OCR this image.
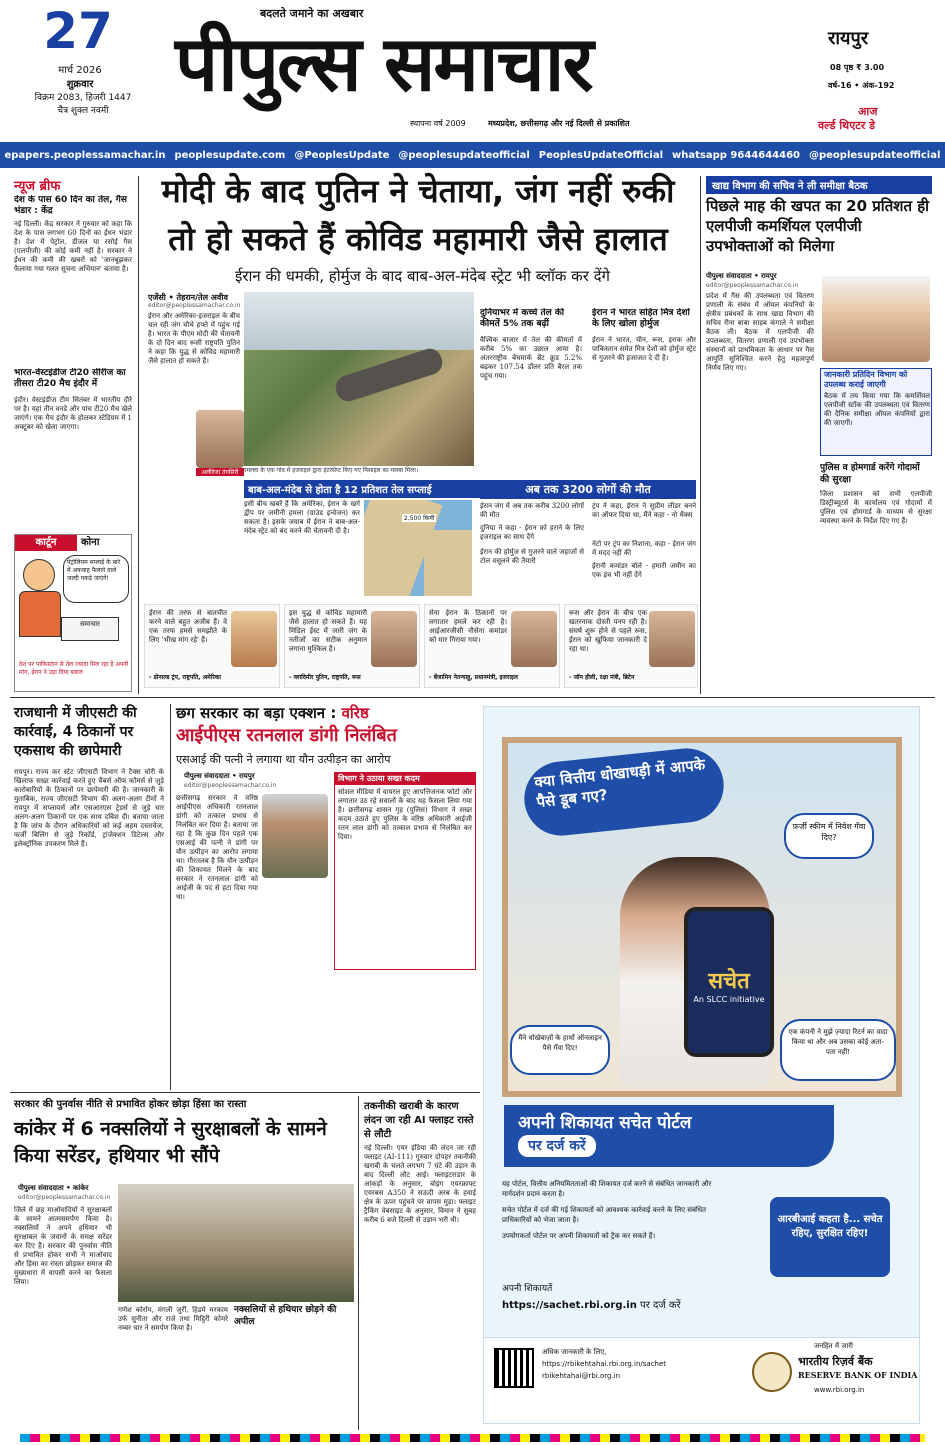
27
मार्च 2026
शुक्रवार
विक्रम 2083, हिजरी 1447
चैत्र शुक्ल नवमी
बदलते जमाने का अखबार
पीपुल्स समाचार
स्थापना वर्ष 2009	मध्यप्रदेश, छत्तीसगढ़ और नई दिल्ली से प्रकाशित
रायपुर
08 पृष्ठ ₹ 3.00
वर्ष-16 • अंक-192
आज
वर्ल्ड थिएटर डे
epapers.peoplessamachar.in peoplesupdate.com @PeoplesUpdate @peoplesupdateofficial PeoplesUpdateOfficial whatsapp 9644644460 @peoplesupdateofficial
न्यूज ब्रीफ
देश के पास 60 दिन का तेल, गैस भंडार : केंद्र
नई दिल्ली। केंद्र सरकार ने गुरुवार को कहा कि देश के पास लगभग 60 दिनों का ईंधन भंडार है। देश में पेट्रोल, डीजल या रसोई गैस (एलपीजी) की कोई कमी नहीं है। सरकार ने ईंधन की कमी की खबरों को 'जानबूझकर फैलाया गया गलत सूचना अभियान' बताया है।
भारत-वेस्टइंडीज टी20 सीरीज का तीसरा टी20 मैच इंदौर में
इंदौर। वेस्टइंडीज टीम सितंबर में भारतीय दौरे पर है। यहां तीन वनडे और पांच टी20 मैच खेले जाएंगे। एक मैच इंदौर के होलकर स्टेडियम में 1 अक्टूबर को खेला जाएगा।
कार्टून	कोना
पेट्रोलियम सप्लाई के बारे में अफवाह फैलाने वाले जल्दी पकड़े जाएंगे!
समाचार
देश पर पाकिस्तान से तेल ज्यादा मिल रहा है अपनी मांग, ईरान ने उड़ा दिया बवाल
मोदी के बाद पुतिन ने चेताया, जंग नहीं रुकी
तो हो सकते हैं कोविड महामारी जैसे हालात
ईरान की धमकी, होर्मुज के बाद बाब-अल-मंदेब स्ट्रेट भी ब्लॉक कर देंगे
एजेंसी • तेहरान/तेल अवीव
editor@peoplessamachar.co.in
ईरान और अमेरिका-इजराइल के बीच चल रही जंग चौथे हफ्ते में पहुंच गई है। भारत के पीएम मोदी की चेतावनी के दो दिन बाद रूसी राष्ट्रपति पुतिन ने कहा कि युद्ध से कोविड महामारी जैसे हालात हो सकते हैं।
अलीरेजा तंगसिरी रमल्ला के एक गांव में इजराइल द्वारा इंटरसेप्ट किए गए मिसाइल का मलबा मिला।
दुनियाभर में कच्चे तेल की कीमतें 5% तक बढ़ीं
वैश्विक बाजार में तेल की कीमतों में करीब 5% का उछाल आया है। अंतरराष्ट्रीय बेंचमार्क ब्रेंट क्रूड 5.2% बढ़कर 107.54 डॉलर प्रति बैरल तक पहुंच गया।
ईरान ने भारत सहित मित्र देशों के लिए खोला होर्मुज
ईरान ने भारत, चीन, रूस, इराक और पाकिस्तान समेत मित्र देशों को होर्मुज स्ट्रेट से गुजरने की इजाजत दे दी है।
बाब-अल-मंदेब से होता है 12 प्रतिशत तेल सप्लाई
इसी बीच खबरें हैं कि अमेरिका, ईरान के खर्ग द्वीप पर जमीनी हमला (ग्राउंड इन्वेजन) कर सकता है। इसके जवाब में ईरान ने बाब-अल-मंदेब स्ट्रेट को बंद करने की चेतावनी दी है।
2,500 किमी
अब तक 3200 लोगों की मौत
ईरान जंग में अब तक करीब 3200 लोगों की मौत
दुनिया ने कहा - ईरान को हराने के लिए इजराइल का साथ देंगे
ईरान की होर्मुज से गुजरने वाले जहाजों से टोल वसूलने की तैयारी
ट्रंप ने कहा, ईरान ने सुप्रीम लीडर बनने का ऑफर दिया था, मैंने कहा - नो थैंक्स
नेटो पर ट्रंप का निशाना, कहा - ईरान जंग में मदद नहीं की
ईरानी कमांडर बोले - हमारी जमीन का एक इंच भी नहीं देंगे
ईरान की तरफ से बातचीत करने वाले बहुत अजीब हैं। वे एक तरफ हमसे समझौते के लिए 'भीख मांग रहे' हैं।
- डोनाल्ड ट्रंप, राष्ट्रपति, अमेरिका
इस युद्ध से कोविड महामारी जैसे हालात हो सकते हैं। यह मिडिल ईस्ट में जारी जंग के नतीजों का सटीक अनुमान लगाना मुश्किल है।
- व्लादिमीर पुतिन, राष्ट्रपति, रूस
सेना ईरान के ठिकानों पर लगातार हमले कर रही है। आईआरजीसी नौसेना कमांडर को मार गिराया गया।
- बेंजामिन नेतन्याहू, प्रधानमंत्री, इजराइल
रूस और ईरान के बीच एक खतरनाक दोस्ती पनप रही है। संघर्ष शुरू होने से पहले रूस, ईरान को खुफिया जानकारी दे रहा था।
- जॉन हीली, रक्षा मंत्री, ब्रिटेन
खाद्य विभाग की सचिव ने ली समीक्षा बैठक
पिछले माह की खपत का 20 प्रतिशत ही एलपीजी कमर्शियल एलपीजी उपभोक्ताओं को मिलेगा
पीपुल्स संवाददाता • रायपुर
editor@peoplessamachar.co.in
प्रदेश में गैस की उपलब्धता एवं वितरण प्रणाली के संबंध में ऑयल कंपनियों के क्षेत्रीय प्रबंधकों के साथ खाद्य विभाग की सचिव रीना बाबा साहब कंगाले ने समीक्षा बैठक ली। बैठक में एलपीजी की उपलब्धता, वितरण प्रणाली एवं उपभोक्ता संस्थानों को प्राथमिकता के आधार पर गैस आपूर्ति सुनिश्चित करने हेतु महत्वपूर्ण निर्णय लिए गए।
जानकारी प्रतिदिन विभाग को उपलब्ध कराई जाएगी
बैठक में तय किया गया कि कमर्शियल एलपीजी स्टॉक की उपलब्धता एवं वितरण की दैनिक समीक्षा ऑयल कंपनियों द्वारा की जाएगी।
पुलिस व होमगार्ड करेंगे गोदामों की सुरक्षा
जिला प्रशासन को सभी एलपीजी डिस्ट्रीब्यूटर्स के कार्यालय एवं गोदामों में पुलिस एवं होमगार्ड के माध्यम से सुरक्षा व्यवस्था करने के निर्देश दिए गए हैं।
राजधानी में जीएसटी की कार्रवाई, 4 ठिकानों पर एकसाथ की छापेमारी
रायपुर। राज्य कर स्टेट जीएसटी विभाग ने टैक्स चोरी के खिलाफ सख्त कार्रवाई करते हुए चैंबर्स ऑफ कॉमर्स से जुड़े कारोबारियों के ठिकानों पर छापेमारी की है। जानकारी के मुताबिक, राज्य जीएसटी विभाग की अलग-अलग टीमों ने रायपुर में सप्लायर्स और एसआरएस ट्रेडर्स से जुड़े चार अलग-अलग ठिकानों पर एक साथ दबिश दी। बताया जाता है कि जांच के दौरान अधिकारियों को कई अहम दस्तावेज, फर्जी बिलिंग से जुड़े रिकॉर्ड, ट्रांजेक्शन डिटेल्स और इलेक्ट्रॉनिक उपकरण मिले हैं।
छग सरकार का बड़ा एक्शन : वरिष्ठ
आईपीएस रतनलाल डांगी निलंबित
एसआई की पत्नी ने लगाया था यौन उत्पीड़न का आरोप
पीपुल्स संवाददाता • रायपुर
editor@peoplessamachar.co.in
छत्तीसगढ़ सरकार ने वरिष्ठ आईपीएस अधिकारी रतनलाल डांगी को तत्काल प्रभाव से निलंबित कर दिया है। बताया जा रहा है कि कुछ दिन पहले एक एसआई की पत्नी ने डांगी पर यौन उत्पीड़न का आरोप लगाया था। गौरतलब है कि यौन उत्पीड़न की शिकायत मिलने के बाद सरकार ने रतनलाल डांगी को आईजी के पद से हटा दिया गया था।
विभाग ने उठाया सख्त कदम
सोशल मीडिया में वायरल हुए आपत्तिजनक फोटो और लगातार उठ रहे सवालों के बाद यह फैसला लिया गया है। छत्तीसगढ़ शासन गृह (पुलिस) विभाग ने सख्त कदम उठाते हुए पुलिस के वरिष्ठ अधिकारी आईजी रतन लाल डांगी को तत्काल प्रभाव से निलंबित कर दिया।
सरकार की पुनर्वास नीति से प्रभावित होकर छोड़ा हिंसा का रास्ता
कांकेर में 6 नक्सलियों ने सुरक्षाबलों के सामने किया सरेंडर, हथियार भी सौंपे
पीपुल्स संवाददाता • कांकेर
editor@peoplessamachar.co.in
जिले में छह माओवादियों ने सुरक्षाबलों के सामने आत्मसमर्पण किया है। नक्सलियों ने अपने हथियार भी सुरक्षाबल के जवानों के समक्ष सरेंडर कर दिए हैं। सरकार की पुनर्वास नीति से प्रभावित होकर सभी ने माओवाद और हिंसा का रास्ता छोड़कर समाज की मुख्यधारा में वापसी करने का फैसला लिया।
गणेश कोर्राम, मंगली जुर्री, हिडमे मरकाम उर्फ सुनीता और राजे तथा मिट्ठिरी कोमरे नम्बर चार ने समर्पण किया है।
नक्सलियों से हथियार छोड़ने की अपील
तकनीकी खराबी के कारण लंदन जा रही AI फ्लाइट रास्ते से लौटी
नई दिल्ली। एयर इंडिया की लंदन जा रही फ्लाइट (AI-111) गुरुवार दोपहर तकनीकी खराबी के चलते लगभग 7 घंटे की उड़ान के बाद दिल्ली लौट आई। फ्लाइटराडार के आंकड़ों के अनुसार, बोइंग एयरक्राफ्ट एयरबस A350 ने सऊदी अरब के हवाई क्षेत्र के ऊपर पहुंचने पर वापस मुड़ा। फ्लाइट ट्रैकिंग वेबसाइट के अनुसार, विमान ने सुबह करीब 6 बजे दिल्ली से उड़ान भरी थी।
क्या वित्तीय धोखाधड़ी में आपके पैसे डूब गए?
सचेत
An SLCC initiative
फ़र्ज़ी स्कीम में निवेश गँवा दिए?
मैंने धोखेबाज़ों के हाथों ऑनलाइन पैसे गँवा दिए!
एक कंपनी ने मुझे ज़्यादा रिटर्न का वादा किया था और अब उसका कोई अता-पता नहीं!
अपनी शिकायत सचेत पोर्टल
पर दर्ज करें
यह पोर्टल, वित्तीय अनियमितताओं की शिकायत दर्ज करने से संबंधित जानकारी और मार्गदर्शन प्रदान करता है।
सचेत पोर्टल में दर्ज की गई शिकायतों को आवश्यक कार्रवाई करने के लिए संबंधित प्राधिकारियों को भेजा जाता है।
उपयोगकर्ता पोर्टल पर अपनी शिकायतों को ट्रैक कर सकते हैं।
अपनी शिकायतें
https://sachet.rbi.org.in पर दर्ज करें
आरबीआई कहता है... सचेत रहिए, सुरक्षित रहिए!
अधिक जानकारी के लिए,
https://rbikehtahai.rbi.org.in/sachet
rbikehtahai@rbi.org.in
जनहित में जारी
भारतीय रिज़र्व बैंक
RESERVE BANK OF INDIA
www.rbi.org.in
